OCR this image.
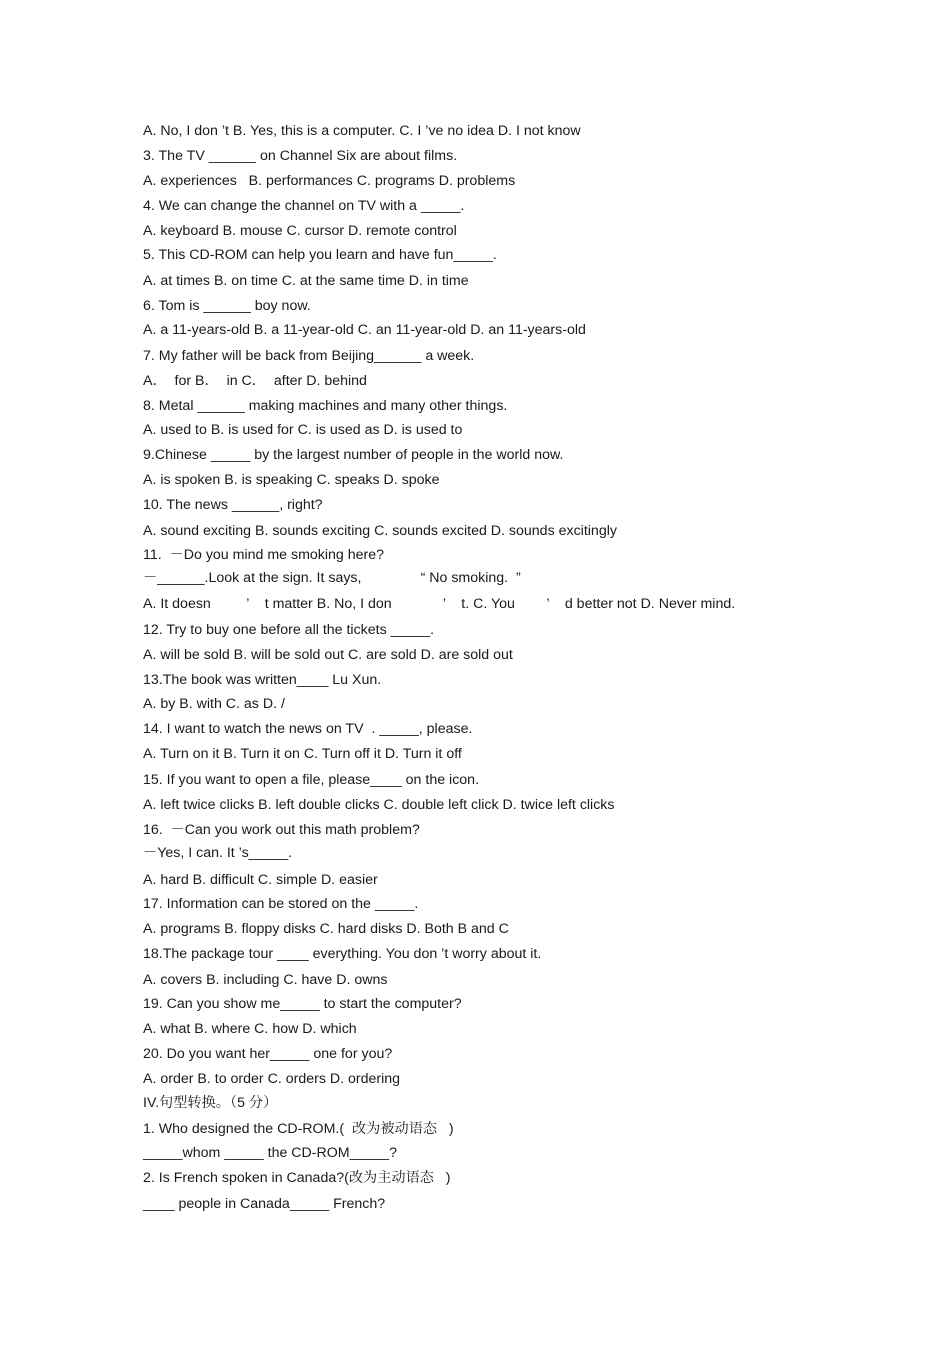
A. No, I don ’t B. Yes, this is a computer. C. I ’ve no idea D. I not know
3. The TV ______ on Channel Six are about films.
A. experiences   B. performances C. programs D. problems
4. We can change the channel on TV with a _____.
A. keyboard B. mouse C. cursor D. remote control
5. This CD-ROM can help you learn and have fun_____.
A. at times B. on time C. at the same time D. in time
6. Tom is ______ boy now.
A. a 11-years-old B. a 11-year-old C. an 11-year-old D. an 11-years-old
7. My father will be back from Beijing______ a week.
A．  for B．  in C．  after D. behind
8. Metal ______ making machines and many other things.
A. used to B. is used for C. is used as D. is used to
9.Chinese _____ by the largest number of people in the world now.
A. is spoken B. is speaking C. speaks D. spoke
10. The news ______, right?
A. sound exciting B. sounds exciting C. sounds excited D. sounds excitingly
11.  －Do you mind me smoking here?
－______.Look at the sign. It says,               “ No smoking.  ”
A. It doesn         ’    t matter B. No, I don             ’    t. C. You        ’    d better not D. Never mind.
12. Try to buy one before all the tickets _____.
A. will be sold B. will be sold out C. are sold D. are sold out
13.The book was written____ Lu Xun.
A. by B. with C. as D. /
14. I want to watch the news on TV  . _____, please.
A. Turn on it B. Turn it on C. Turn off it D. Turn it off
15. If you want to open a file, please____ on the icon.
A. left twice clicks B. left double clicks C. double left click D. twice left clicks
16.  －Can you work out this math problem?
－Yes, I can. It ’s_____.
A. hard B. difficult C. simple D. easier
17. Information can be stored on the _____.
A. programs B. floppy disks C. hard disks D. Both B and C
18.The package tour ____ everything. You don ’t worry about it.
A. covers B. including C. have D. owns
19. Can you show me_____ to start the computer?
A. what B. where C. how D. which
20. Do you want her_____ one for you?
A. order B. to order C. orders D. ordering
IV.句型转换。（5 分）
1. Who designed the CD-ROM.(  改为被动语态   )
_____whom _____ the CD-ROM_____?
2. Is French spoken in Canada?(改为主动语态   )
____ people in Canada_____ French?
